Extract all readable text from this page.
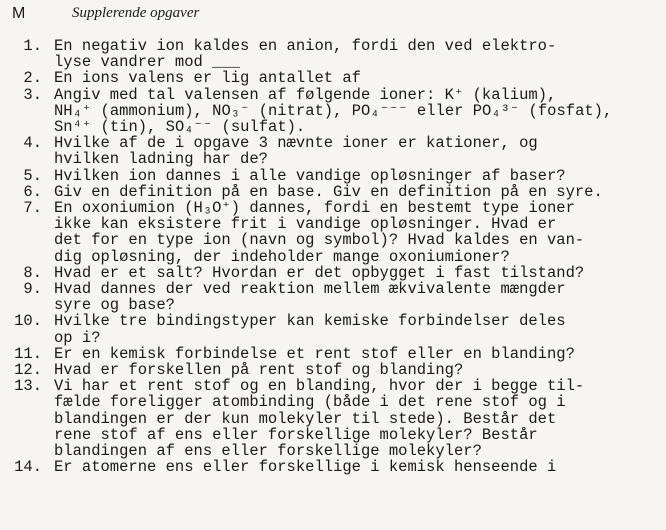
M	Supplerende opgaver
1. En negativ ion kaldes en anion, fordi den ved elektro-
lyse vandrer mod ___
2. En ions valens er lig antallet af
3. Angiv med tal valensen af følgende ioner: K⁺ (kalium),
NH₄⁺ (ammonium), NO₃⁻ (nitrat), PO₄⁻⁻⁻ eller PO₄³⁻ (fosfat),
Sn⁴⁺ (tin), SO₄⁻⁻ (sulfat).
4. Hvilke af de i opgave 3 nævnte ioner er kationer, og
hvilken ladning har de?
5. Hvilken ion dannes i alle vandige opløsninger af baser?
6. Giv en definition på en base. Giv en definition på en syre.
7. En oxoniumion (H₃O⁺) dannes, fordi en bestemt type ioner
ikke kan eksistere frit i vandige opløsninger. Hvad er
det for en type ion (navn og symbol)? Hvad kaldes en van-
dig opløsning, der indeholder mange oxoniumioner?
8. Hvad er et salt? Hvordan er det opbygget i fast tilstand?
9. Hvad dannes der ved reaktion mellem ækvivalente mængder
syre og base?
10. Hvilke tre bindingstyper kan kemiske forbindelser deles
op i?
11. Er en kemisk forbindelse et rent stof eller en blanding?
12. Hvad er forskellen på rent stof og blanding?
13. Vi har et rent stof og en blanding, hvor der i begge til-
fælde foreligger atombinding (både i det rene stof og i
blandingen er der kun molekyler til stede). Består det
rene stof af ens eller forskellige molekyler? Består
blandingen af ens eller forskellige molekyler?
14. Er atomerne ens eller forskellige i kemisk henseende i
